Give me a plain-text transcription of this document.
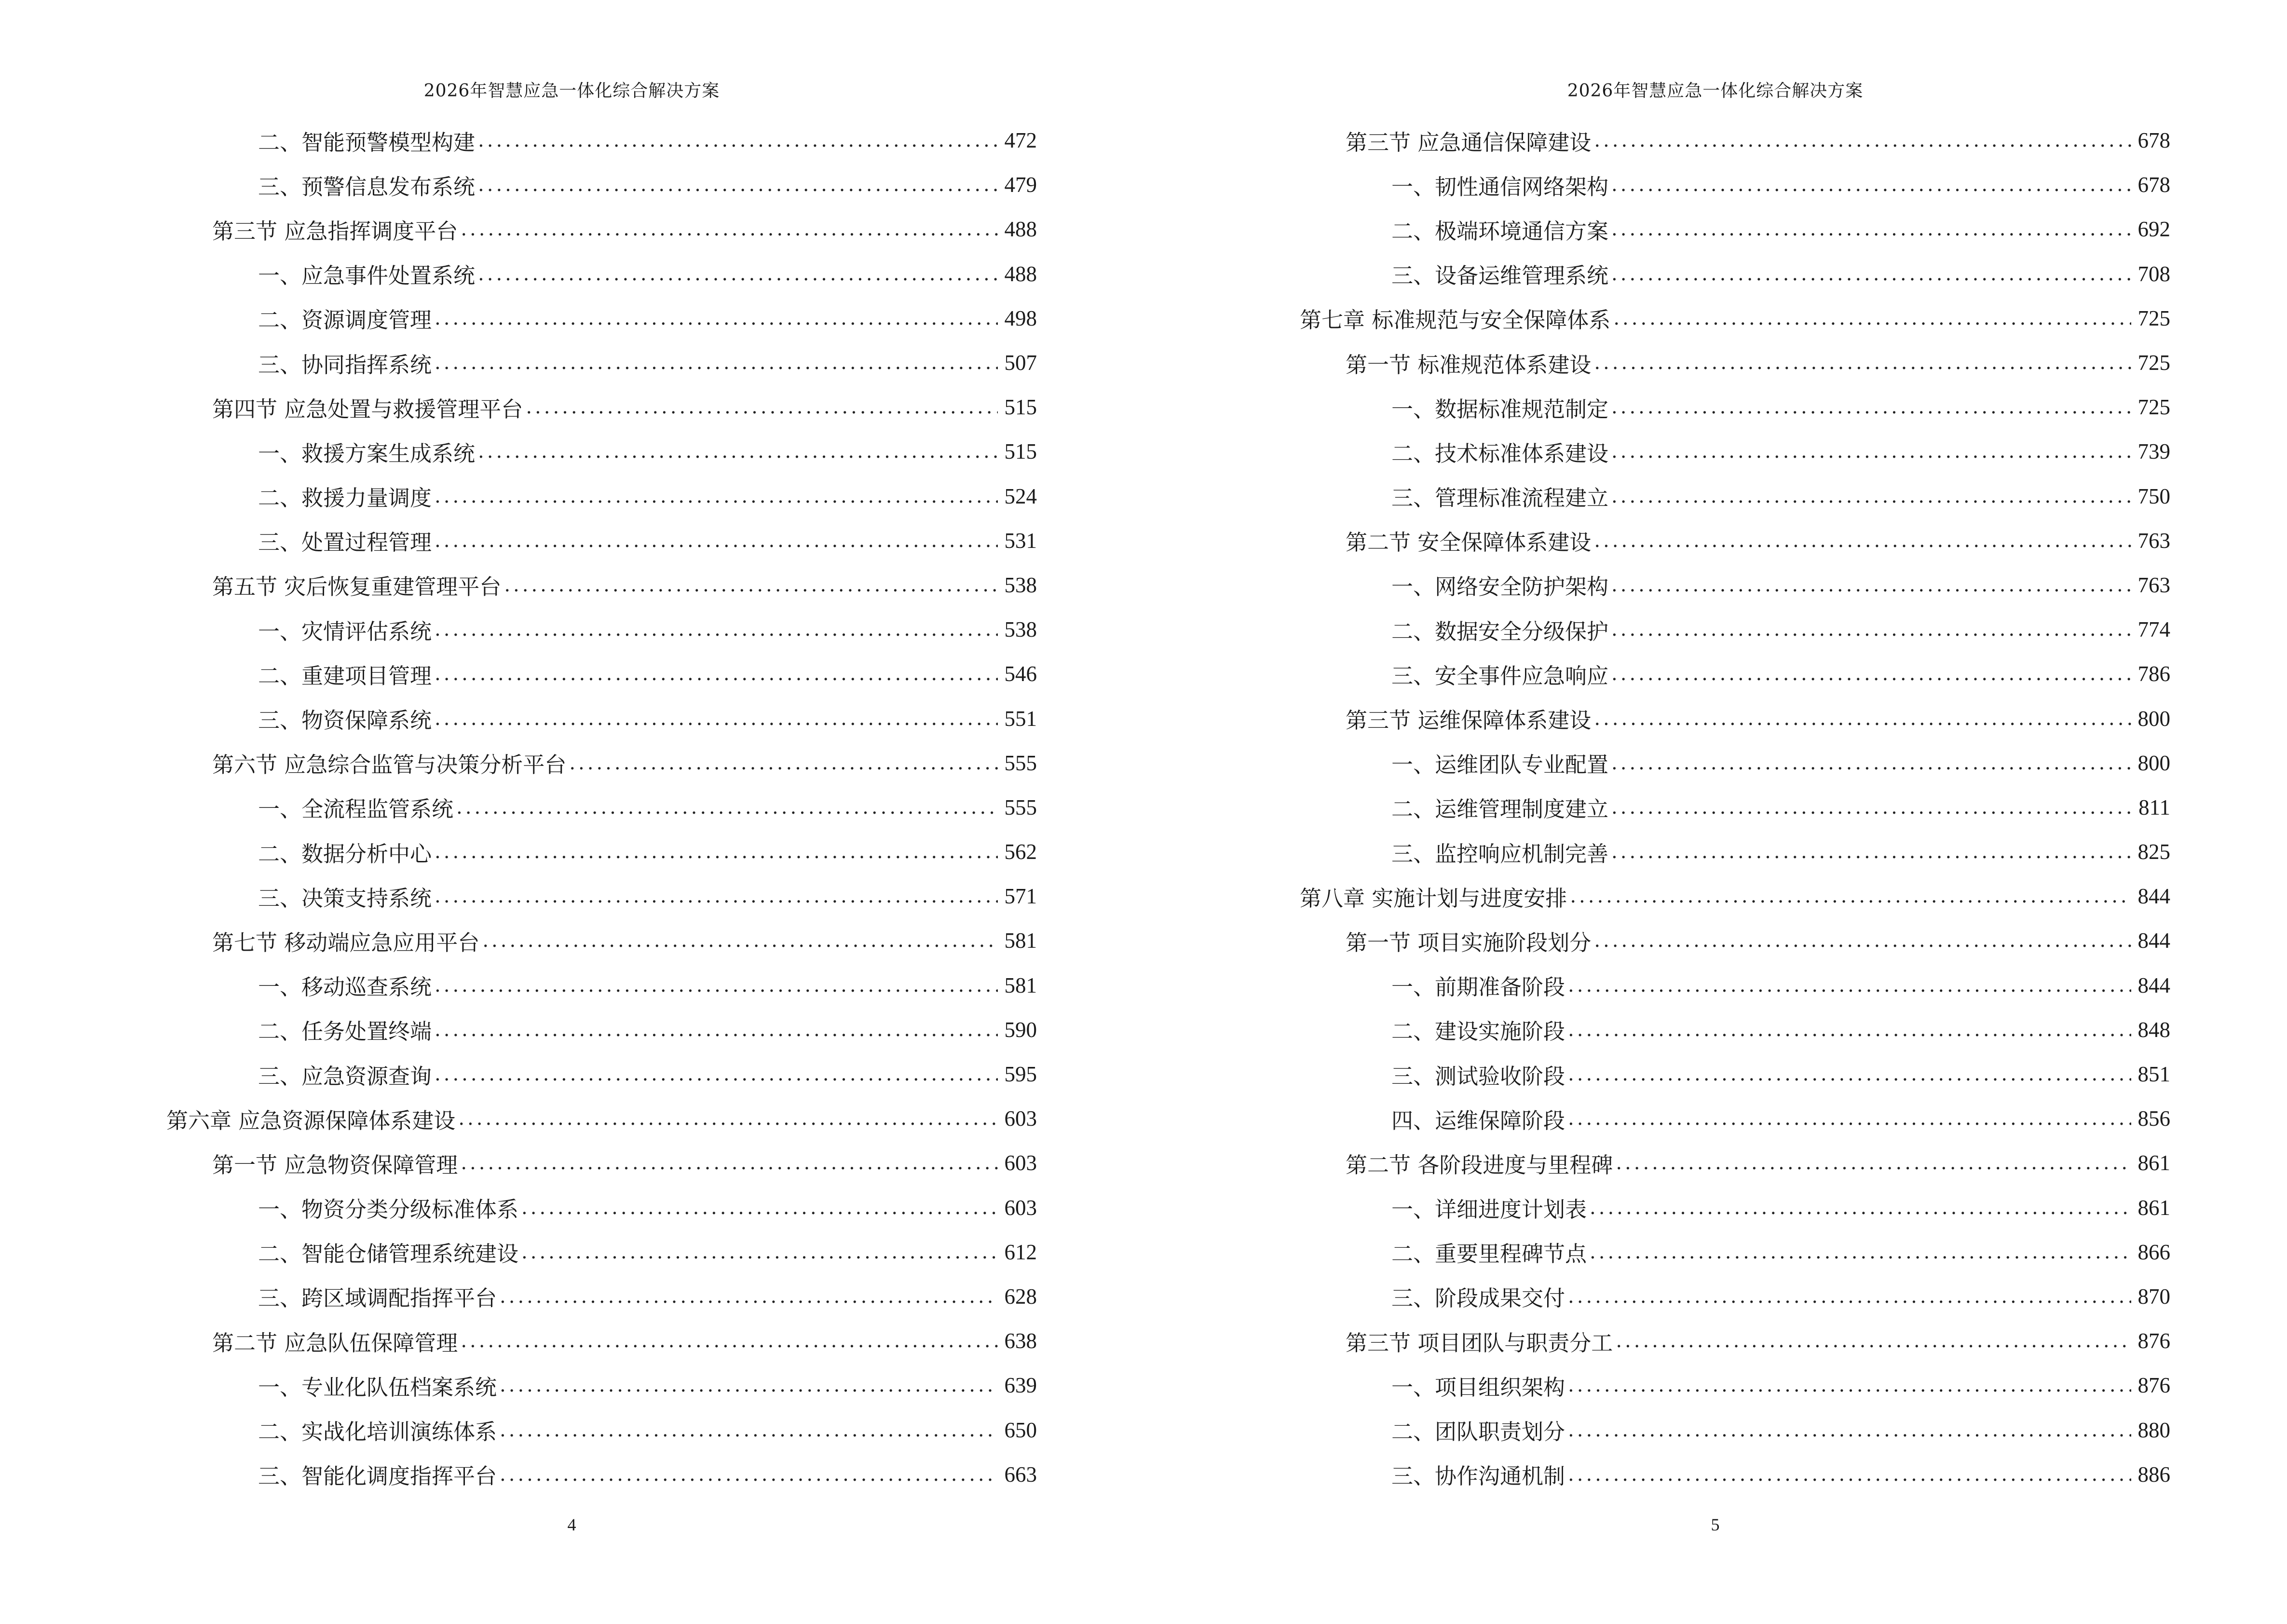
2026年智慧应急一体化综合解决方案
二、智能预警模型构建 .....	472
三、预警信息发布系统 .....	479
第三节 应急指挥调度平台 .....	488
一、应急事件处置系统 .....	488
二、资源调度管理 .....	498
三、协同指挥系统 .....	507
第四节 应急处置与救援管理平台 .....	515
一、救援方案生成系统 .....	515
二、救援力量调度 .....	524
三、处置过程管理 .....	531
第五节 灾后恢复重建管理平台 .....	538
一、灾情评估系统 .....	538
二、重建项目管理 .....	546
三、物资保障系统 .....	551
第六节 应急综合监管与决策分析平台 .....	555
一、全流程监管系统 .....	555
二、数据分析中心 .....	562
三、决策支持系统 .....	571
第七节 移动端应急应用平台 .....	581
一、移动巡查系统 .....	581
二、任务处置终端 .....	590
三、应急资源查询 .....	595
第六章 应急资源保障体系建设 .....	603
第一节 应急物资保障管理 .....	603
一、物资分类分级标准体系 .....	603
二、智能仓储管理系统建设 .....	612
三、跨区域调配指挥平台 .....	628
第二节 应急队伍保障管理 .....	638
一、专业化队伍档案系统 .....	639
二、实战化培训演练体系 .....	650
三、智能化调度指挥平台 .....	663
4
2026年智慧应急一体化综合解决方案
第三节 应急通信保障建设 .....	678
一、韧性通信网络架构 .....	678
二、极端环境通信方案 .....	692
三、设备运维管理系统 .....	708
第七章 标准规范与安全保障体系 .....	725
第一节 标准规范体系建设 .....	725
一、数据标准规范制定 .....	725
二、技术标准体系建设 .....	739
三、管理标准流程建立 .....	750
第二节 安全保障体系建设 .....	763
一、网络安全防护架构 .....	763
二、数据安全分级保护 .....	774
三、安全事件应急响应 .....	786
第三节 运维保障体系建设 .....	800
一、运维团队专业配置 .....	800
二、运维管理制度建立 .....	811
三、监控响应机制完善 .....	825
第八章 实施计划与进度安排 .....	844
第一节 项目实施阶段划分 .....	844
一、前期准备阶段 .....	844
二、建设实施阶段 .....	848
三、测试验收阶段 .....	851
四、运维保障阶段 .....	856
第二节 各阶段进度与里程碑 .....	861
一、详细进度计划表 .....	861
二、重要里程碑节点 .....	866
三、阶段成果交付 .....	870
第三节 项目团队与职责分工 .....	876
一、项目组织架构 .....	876
二、团队职责划分 .....	880
三、协作沟通机制 .....	886
5
